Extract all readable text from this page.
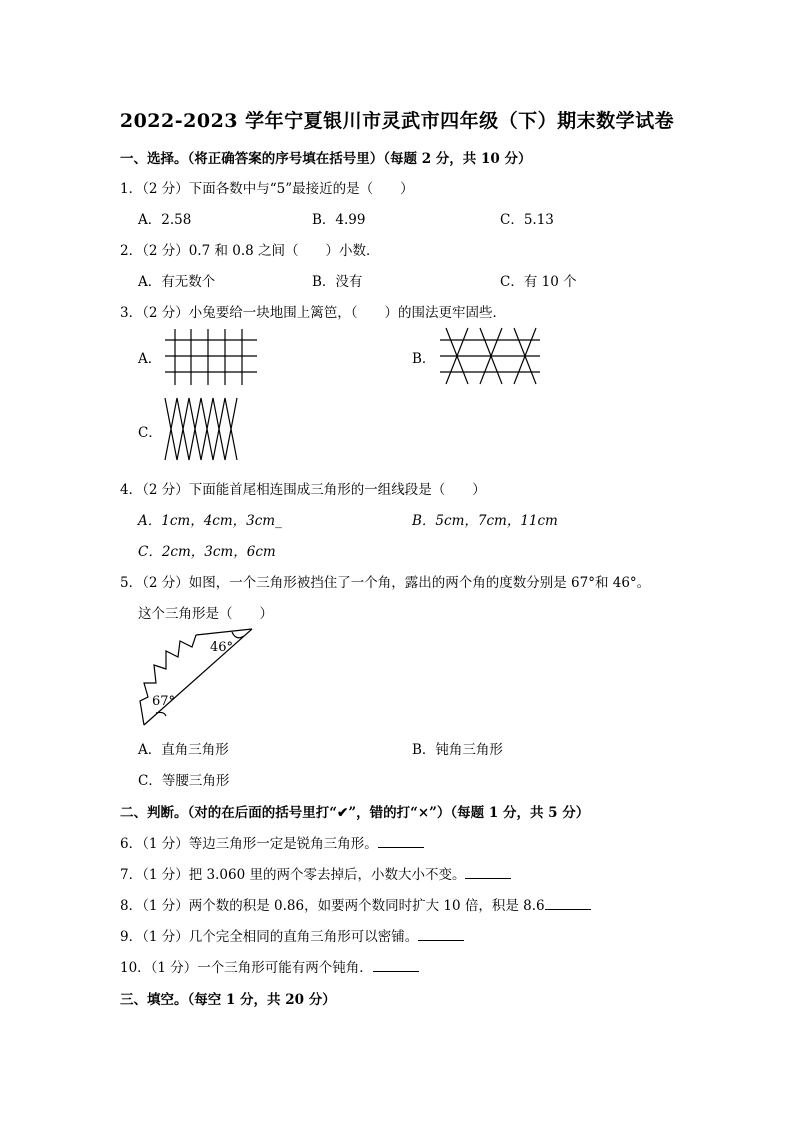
2022-2023 学年宁夏银川市灵武市四年级（下）期末数学试卷
一、选择。（将正确答案的序号填在括号里）（每题 2 分，共 10 分）
1．（2 分）下面各数中与“5”最接近的是（　　）
A．2.58	B．4.99	C．5.13
2．（2 分）0.7 和 0.8 之间（　　）小数．
A．有无数个	B．没有	C．有 10 个
3．（2 分）小兔要给一块地围上篱笆，（　　）的围法更牢固些．
A．	B．
C．
4．（2 分）下面能首尾相连围成三角形的一组线段是（　　）
A．1cm，4cm，3cm_	B．5cm，7cm，11cm
C．2cm，3cm，6cm
5．（2 分）如图，一个三角形被挡住了一个角，露出的两个角的度数分别是 67°和 46°。
这个三角形是（　　）
46°
67°
A．直角三角形	B．钝角三角形
C．等腰三角形
二、判断。（对的在后面的括号里打“✔”，错的打“×”）（每题 1 分，共 5 分）
6．（1 分）等边三角形一定是锐角三角形。
7．（1 分）把 3.060 里的两个零去掉后，小数大小不变。
8．（1 分）两个数的积是 0.86，如要两个数同时扩大 10 倍，积是 8.6
9．（1 分）几个完全相同的直角三角形可以密铺。
10．（1 分）一个三角形可能有两个钝角．
三、填空。（每空 1 分，共 20 分）
